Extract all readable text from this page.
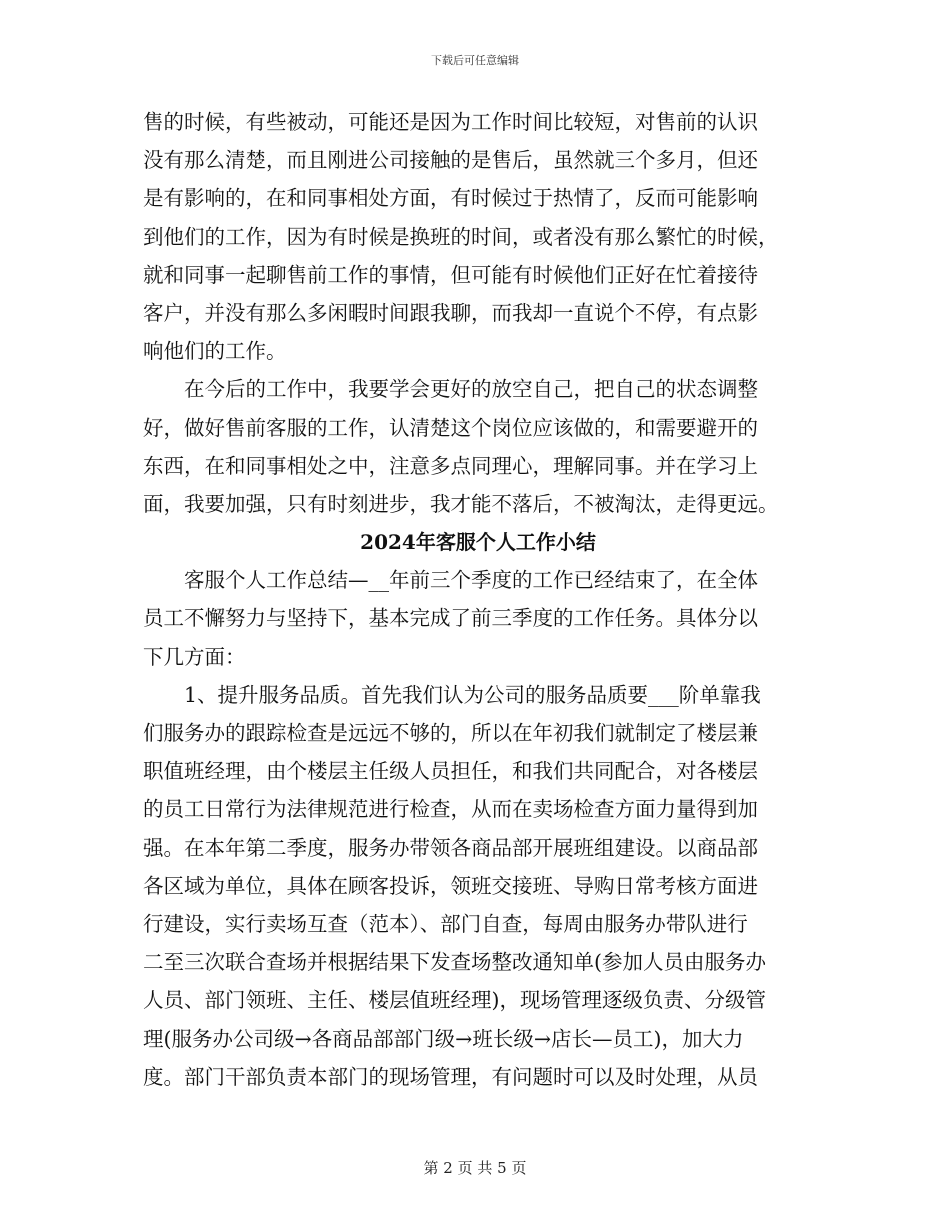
下载后可任意编辑
售的时候，有些被动，可能还是因为工作时间比较短，对售前的认识
没有那么清楚，而且刚进公司接触的是售后，虽然就三个多月，但还
是有影响的，在和同事相处方面，有时候过于热情了，反而可能影响
到他们的工作，因为有时候是换班的时间，或者没有那么繁忙的时候，
就和同事一起聊售前工作的事情，但可能有时候他们正好在忙着接待
客户，并没有那么多闲暇时间跟我聊，而我却一直说个不停，有点影
响他们的工作。
在今后的工作中，我要学会更好的放空自己，把自己的状态调整
好，做好售前客服的工作，认清楚这个岗位应该做的，和需要避开的
东西，在和同事相处之中，注意多点同理心，理解同事。并在学习上
面，我要加强，只有时刻进步，我才能不落后，不被淘汰，走得更远。
2024年客服个人工作小结
客服个人工作总结—__年前三个季度的工作已经结束了，在全体
员工不懈努力与坚持下，基本完成了前三季度的工作任务。具体分以
下几方面：
1、提升服务品质。首先我们认为公司的服务品质要___阶单靠我
们服务办的跟踪检查是远远不够的，所以在年初我们就制定了楼层兼
职值班经理，由个楼层主任级人员担任，和我们共同配合，对各楼层
的员工日常行为法律规范进行检查，从而在卖场检查方面力量得到加
强。在本年第二季度，服务办带领各商品部开展班组建设。以商品部
各区域为单位，具体在顾客投诉，领班交接班、导购日常考核方面进
行建设，实行卖场互查（范本）、部门自查，每周由服务办带队进行
二至三次联合查场并根据结果下发查场整改通知单(参加人员由服务办
人员、部门领班、主任、楼层值班经理)，现场管理逐级负责、分级管
理(服务办公司级→各商品部部门级→班长级→店长—员工)，加大力
度。部门干部负责本部门的现场管理，有问题时可以及时处理，从员
第 2 页 共 5 页
